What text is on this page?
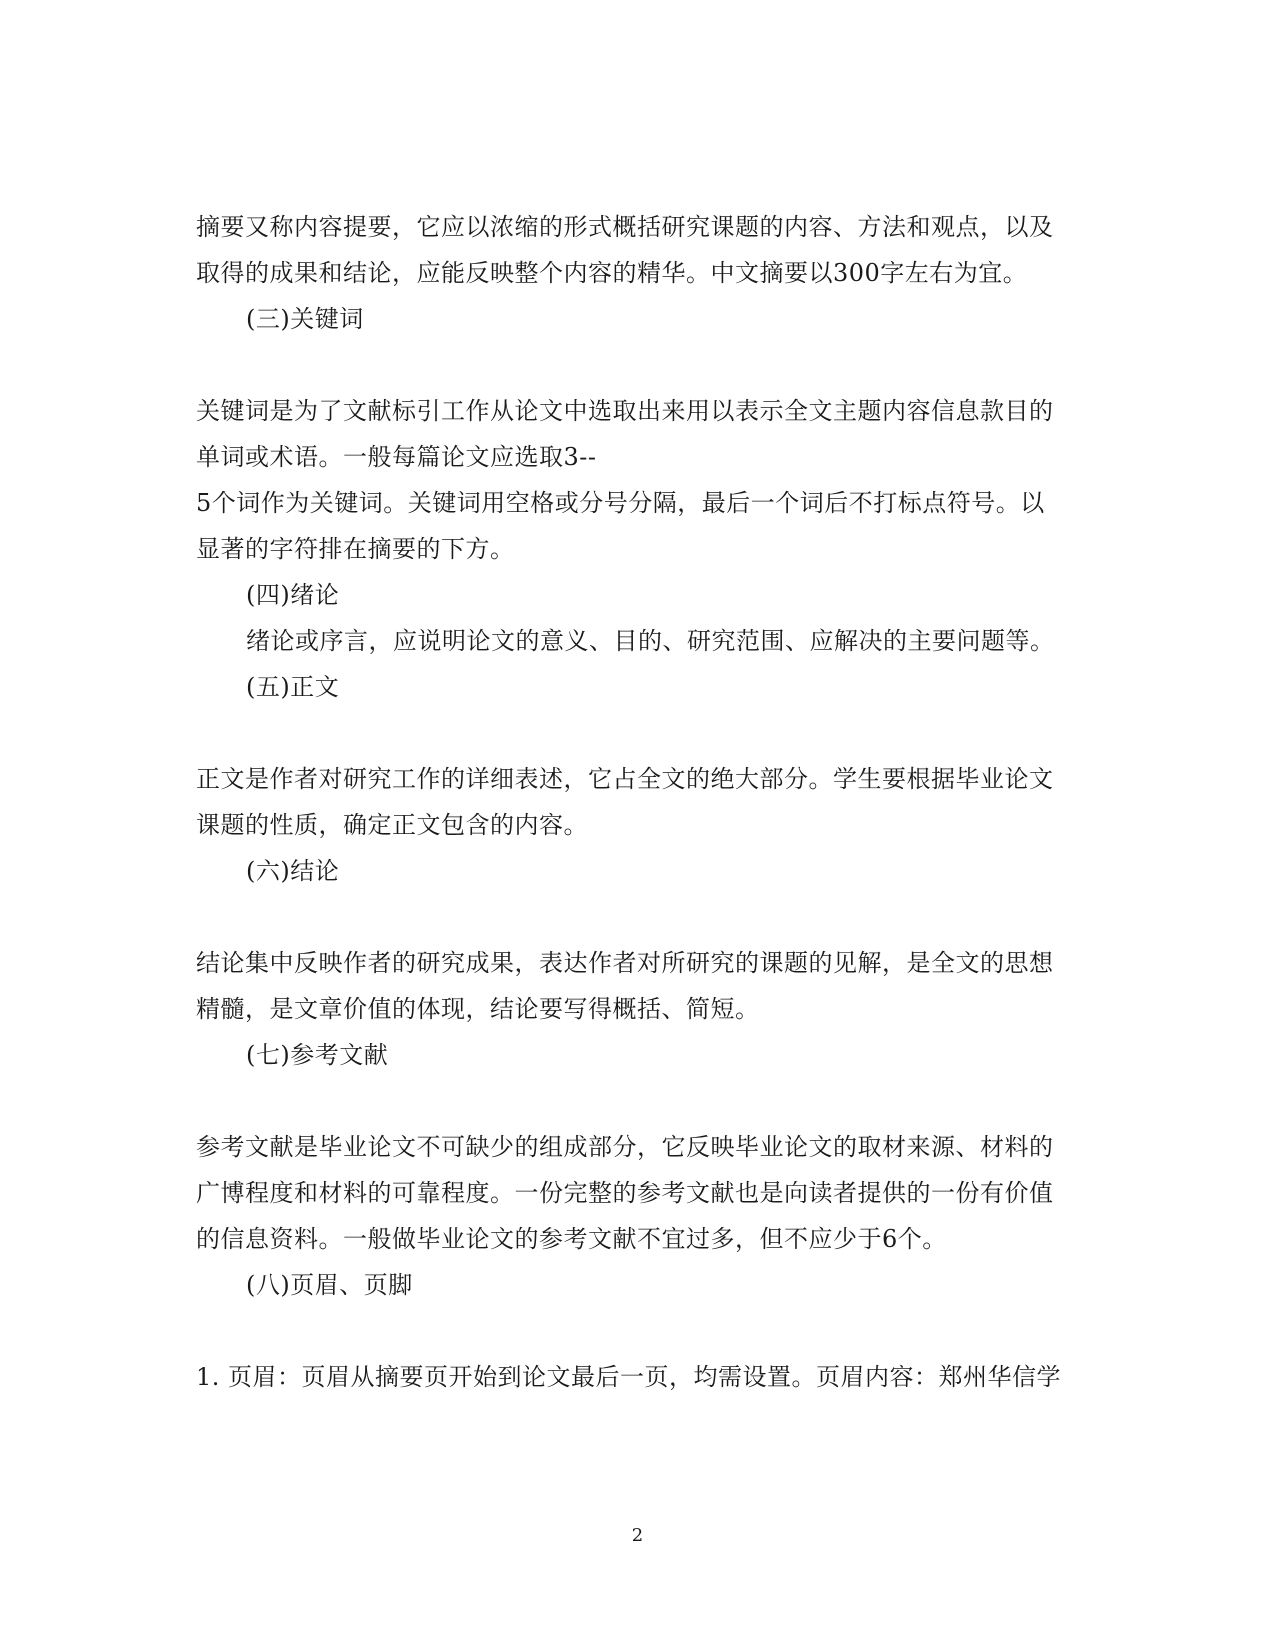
摘要又称内容提要，它应以浓缩的形式概括研究课题的内容、方法和观点，以及
取得的成果和结论，应能反映整个内容的精华。中文摘要以300字左右为宜。
(三)关键词
关键词是为了文献标引工作从论文中选取出来用以表示全文主题内容信息款目的
单词或术语。一般每篇论文应选取3--
5个词作为关键词。关键词用空格或分号分隔，最后一个词后不打标点符号。以
显著的字符排在摘要的下方。
(四)绪论
绪论或序言，应说明论文的意义、目的、研究范围、应解决的主要问题等。
(五)正文
正文是作者对研究工作的详细表述，它占全文的绝大部分。学生要根据毕业论文
课题的性质，确定正文包含的内容。
(六)结论
结论集中反映作者的研究成果，表达作者对所研究的课题的见解，是全文的思想
精髓，是文章价值的体现，结论要写得概括、简短。
(七)参考文献
参考文献是毕业论文不可缺少的组成部分，它反映毕业论文的取材来源、材料的
广博程度和材料的可靠程度。一份完整的参考文献也是向读者提供的一份有价值
的信息资料。一般做毕业论文的参考文献不宜过多，但不应少于6个。
(八)页眉、页脚
1. 页眉：页眉从摘要页开始到论文最后一页，均需设置。页眉内容：郑州华信学
2
